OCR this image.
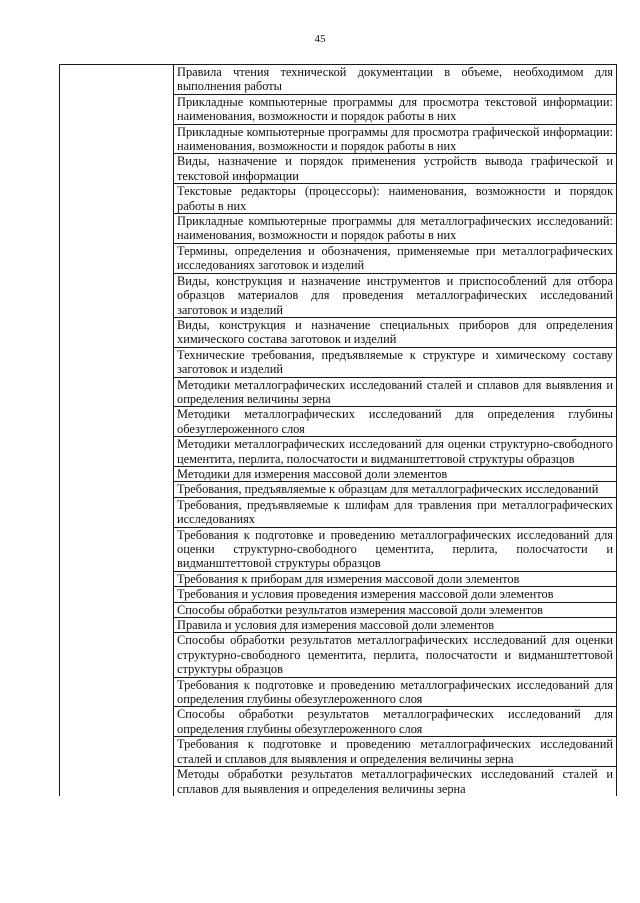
45
	Правила чтения технической документации в объеме, необходимом для выполнения работы
Прикладные компьютерные программы для просмотра текстовой информации: наименования, возможности и порядок работы в них
Прикладные компьютерные программы для просмотра графической информации: наименования, возможности и порядок работы в них
Виды, назначение и порядок применения устройств вывода графической и текстовой информации
Текстовые редакторы (процессоры): наименования, возможности и порядок работы в них
Прикладные компьютерные программы для металлографических исследований: наименования, возможности и порядок работы в них
Термины, определения и обозначения, применяемые при металлографических исследованиях заготовок и изделий
Виды, конструкция и назначение инструментов и приспособлений для отбора образцов материалов для проведения металлографических исследований заготовок и изделий
Виды, конструкция и назначение специальных приборов для определения химического состава заготовок и изделий
Технические требования, предъявляемые к структуре и химическому составу заготовок и изделий
Методики металлографических исследований сталей и сплавов для выявления и определения величины зерна
Методики металлографических исследований для определения глубины обезуглероженного слоя
Методики металлографических исследований для оценки структурно-свободного цементита, перлита, полосчатости и видманштеттовой структуры образцов
Методики для измерения массовой доли элементов
Требования, предъявляемые к образцам для металлографических исследований
Требования, предъявляемые к шлифам для травления при металлографических исследованиях
Требования к подготовке и проведению металлографических исследований для оценки структурно-свободного цементита, перлита, полосчатости и видманштеттовой структуры образцов
Требования к приборам для измерения массовой доли элементов
Требования и условия проведения измерения массовой доли элементов
Способы обработки результатов измерения массовой доли элементов
Правила и условия для измерения массовой доли элементов
Способы обработки результатов металлографических исследований для оценки структурно-свободного цементита, перлита, полосчатости и видманштеттовой структуры образцов
Требования к подготовке и проведению металлографических исследований для определения глубины обезуглероженного слоя
Способы обработки результатов металлографических исследований для определения глубины обезуглероженного слоя
Требования к подготовке и проведению металлографических исследований сталей и сплавов для выявления и определения величины зерна
Методы обработки результатов металлографических исследований сталей и сплавов для выявления и определения величины зерна
